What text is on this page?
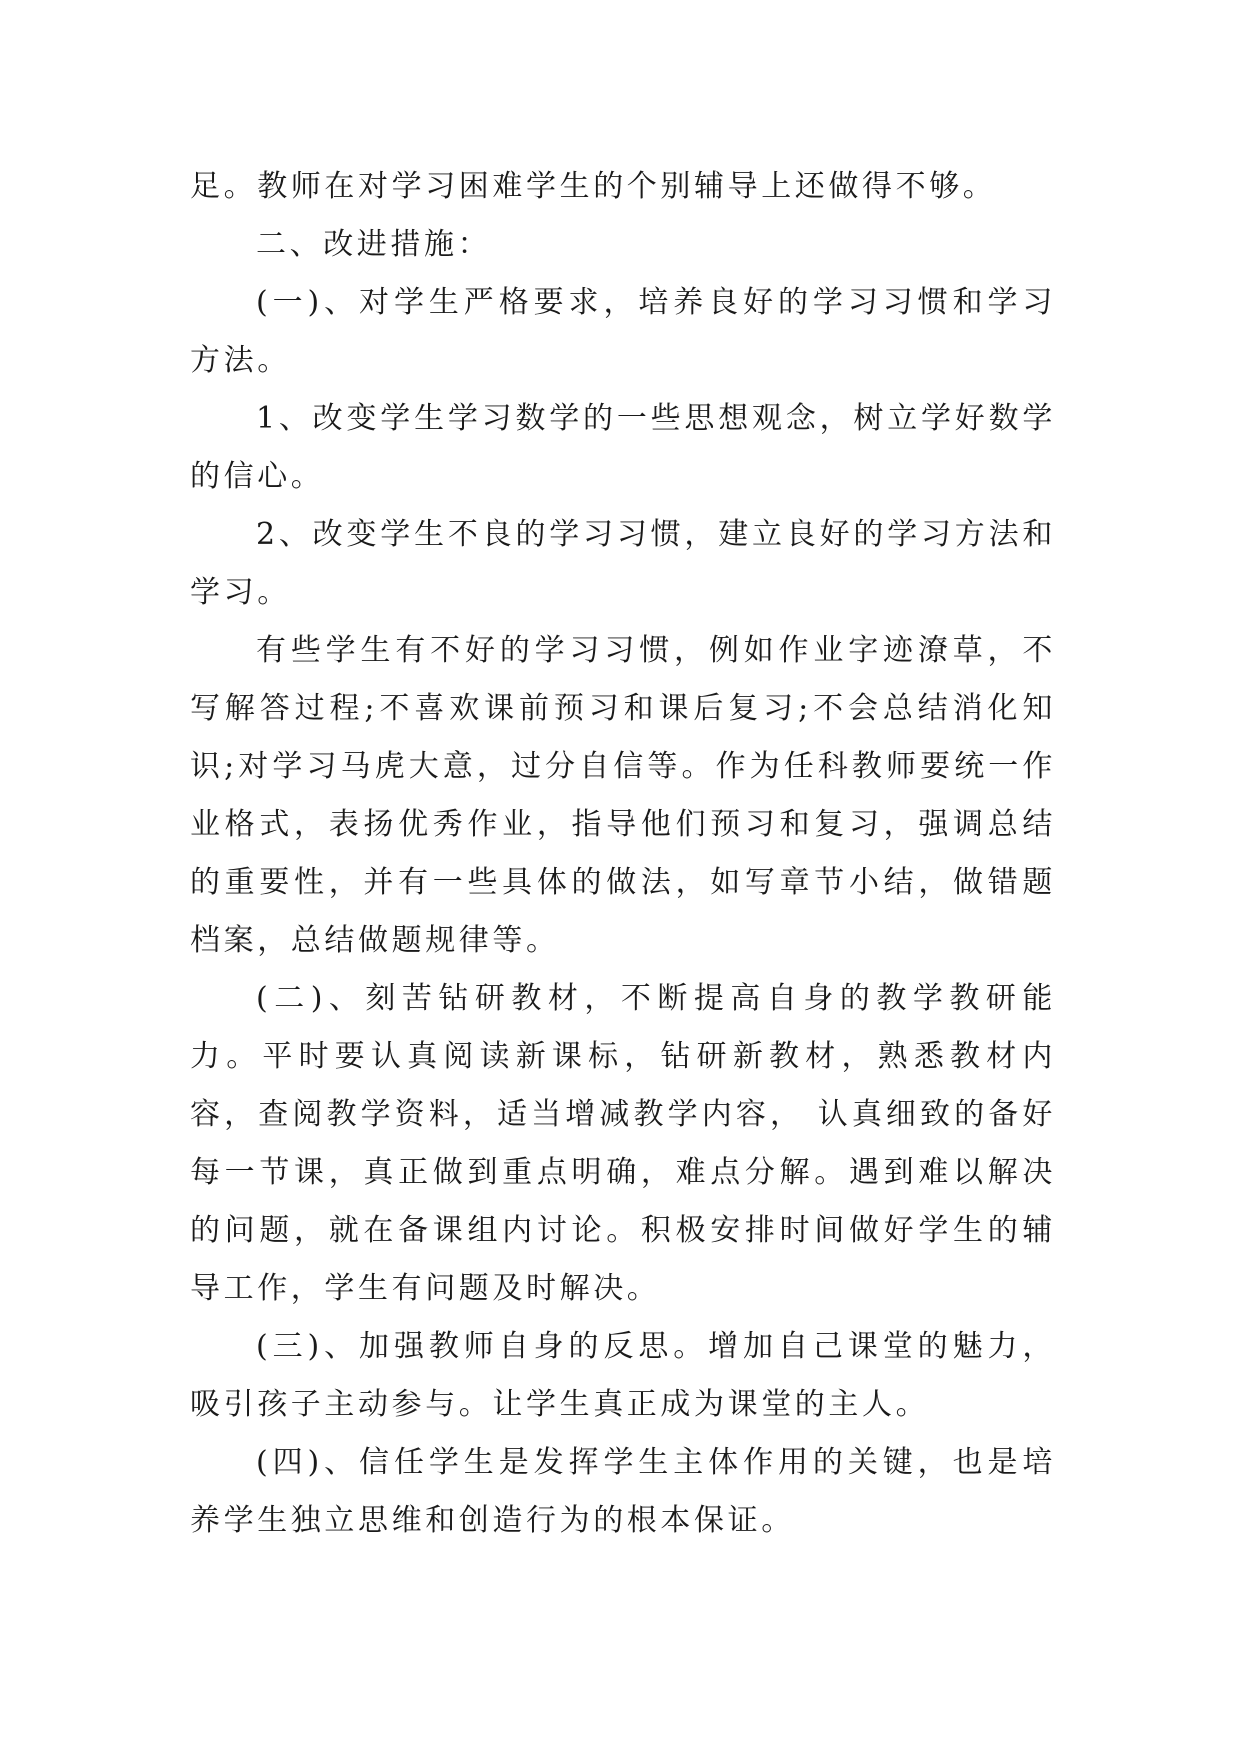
足。教师在对学习困难学生的个别辅导上还做得不够。

二、改进措施：

(一)、对学生严格要求，培养良好的学习习惯和学习方法。

1、改变学生学习数学的一些思想观念，树立学好数学的信心。

2、改变学生不良的学习习惯，建立良好的学习方法和学习。

有些学生有不好的学习习惯，例如作业字迹潦草，不写解答过程;不喜欢课前预习和课后复习;不会总结消化知识;对学习马虎大意，过分自信等。作为任科教师要统一作业格式，表扬优秀作业，指导他们预习和复习，强调总结的重要性，并有一些具体的做法，如写章节小结，做错题档案，总结做题规律等。

(二)、刻苦钻研教材，不断提高自身的教学教研能力。平时要认真阅读新课标，钻研新教材，熟悉教材内容，查阅教学资料，适当增减教学内容， 认真细致的备好每一节课，真正做到重点明确，难点分解。遇到难以解决的问题，就在备课组内讨论。积极安排时间做好学生的辅导工作，学生有问题及时解决。

(三)、加强教师自身的反思。增加自己课堂的魅力，吸引孩子主动参与。让学生真正成为课堂的主人。

(四)、信任学生是发挥学生主体作用的关键，也是培养学生独立思维和创造行为的根本保证。
